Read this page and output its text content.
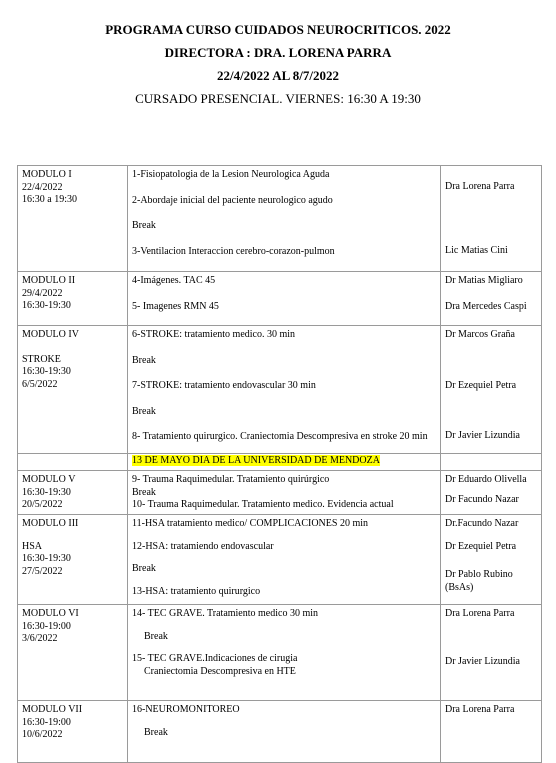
PROGRAMA CURSO CUIDADOS NEUROCRITICOS. 2022
DIRECTORA : DRA. LORENA PARRA
22/4/2022 AL 8/7/2022
CURSADO PRESENCIAL. VIERNES: 16:30 A 19:30
MODULO I
22/4/2022
16:30 a 19:30	1-Fisiopatologia de la Lesion Neurologica Aguda
2-Abordaje inicial del paciente neurologico agudo
Break
3-Ventilacion Interaccion cerebro-corazon-pulmon	Dra Lorena Parra
Lic Matias Cini

MODULO II
29/4/2022
16:30-19:30	4-Imágenes. TAC 45
5- Imagenes RMN 45	Dr Matias Migliaro
Dra Mercedes Caspi

MODULO IV
STROKE
16:30-19:30
6/5/2022	6-STROKE: tratamiento medico. 30 min
Break
7-STROKE: tratamiento endovascular 30 min
Break
8- Tratamiento quirurgico. Craniectomia Descompresiva en stroke 20 min	Dr Marcos Graña
Dr Ezequiel Petra
Dr Javier Lizundia

	13 DE MAYO DIA DE LA UNIVERSIDAD DE MENDOZA	

MODULO V
16:30-19:30
20/5/2022	9- Trauma Raquimedular. Tratamiento quirúrgico
Break
10- Trauma Raquimedular. Tratamiento medico. Evidencia actual	Dr Eduardo Olivella
Dr Facundo Nazar

MODULO III
HSA
16:30-19:30
27/5/2022	11-HSA tratamiento medico/ COMPLICACIONES 20 min
12-HSA: tratamiendo endovascular
Break
13-HSA: tratamiento quirurgico	Dr.Facundo Nazar
Dr Ezequiel Petra
Dr Pablo Rubino
(BsAs)

MODULO VI
16:30-19:00
3/6/2022	14- TEC GRAVE. Tratamiento medico 30 min
Break
15- TEC GRAVE.Indicaciones de cirugia
Craniectomia Descompresiva en HTE	Dra Lorena Parra
Dr Javier Lizundia

MODULO VII
16:30-19:00
10/6/2022	16-NEUROMONITOREO
Break	Dra Lorena Parra
